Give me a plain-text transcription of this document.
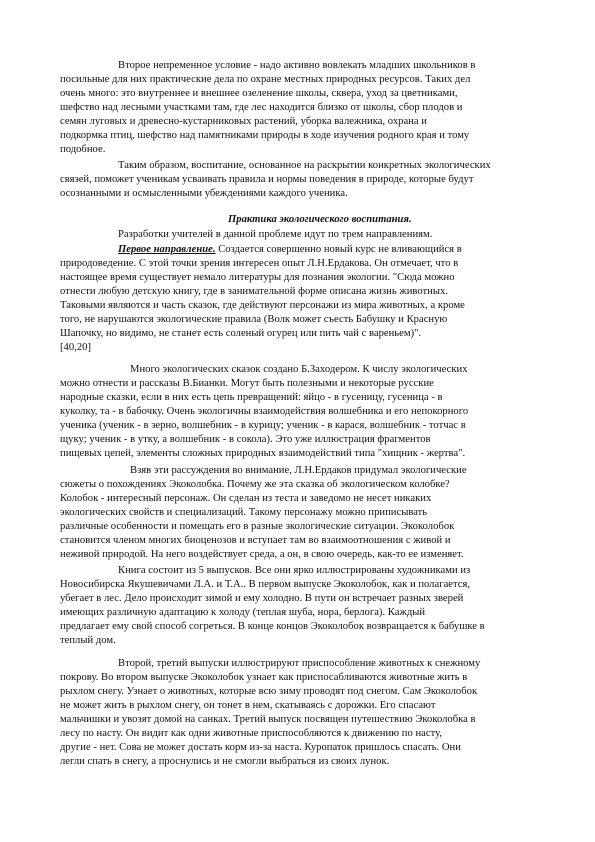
Второе непременное условие - надо активно вовлекать младших школьников в
посильные для них практические дела по охране местных природных ресурсов. Таких дел
очень много: это внутреннее и внешнее озеленение школы, сквера, уход за цветниками,
шефство над лесными участками там, где лес находится близко от школы, сбор плодов и
семян луговых и древесно-кустарниковых растений, уборка валежника, охрана и
подкормка птиц, шефство над памятниками природы в ходе изучения родного края и тому
подобное.
Таким образом, воспитание, основанное на раскрытии конкретных экологических
связей, поможет ученикам усваивать правила и нормы поведения в природе, которые будут
осознанными и осмысленными убеждениями каждого ученика.
Практика экологического воспитания.
Разработки учителей в данной проблеме идут по трем направлениям.
Первое направление. Создается совершенно новый курс не вливающийся в
природоведение. С этой точки зрения интересен опыт Л.Н.Ердакова. Он отмечает, что в
настоящее время существует немало литературы для познания экологии. "Сюда можно
отнести любую детскую книгу, где в занимательной форме описана жизнь животных.
Таковыми являются и часть сказок, где действуют персонажи из мира животных, а кроме
того, не нарушаются экологические правила (Волк может съесть Бабушку и Красную
Шапочку, но видимо, не станет есть соленый огурец или пить чай с вареньем)".
[40,20]
Много экологических сказок создано Б.Заходером. К числу экологических
можно отнести и рассказы В.Бианки. Могут быть полезными и некоторые русские
народные сказки, если в них есть цепь превращений: яйцо - в гусеницу, гусеница - в
куколку, та - в бабочку. Очень экологичны взаимодействия волшебника и его непокорного
ученика (ученик - в зерно, волшебник - в курицу; ученик - в карася, волшебник - тотчас в
щуку; ученик - в утку, а волшебник - в сокола). Это уже иллюстрация фрагментов
пищевых цепей, элементы сложных природных взаимодействий типа "хищник - жертва".
Взяв эти рассуждения во внимание, Л.Н.Ердаков придумал экологические
сюжеты о похождениях Экоколобка. Почему же эта сказка об экологическом колобке?
Колобок - интересный персонаж. Он сделан из теста и заведомо не несет никаких
экологических свойств и специализаций. Такому персонажу можно приписывать
различные особенности и помещать его в разные экологические ситуации. Экоколобок
становится членом многих биоценозов и вступает там во взаимоотношения с живой и
неживой природой. На него воздействует среда, а он, в свою очередь, как-то ее изменяет.
Книга состоит из 5 выпусков. Все они ярко иллюстрированы художниками из
Новосибирска Якушевичами Л.А. и Т.А.. В первом выпуске Экоколобок, как и полагается,
убегает в лес. Дело происходит зимой и ему холодно. В пути он встречает разных зверей
имеющих различную адаптацию к холоду (теплая шуба, нора, берлога). Каждый
предлагает ему свой способ согреться. В конце концов Экоколобок возвращается к бабушке в
теплый дом.
Второй, третий выпуски иллюстрируют приспособление животных к снежному
покрову. Во втором выпуске Экоколобок узнает как приспосабливаются животные жить в
рыхлом снегу. Узнает о животных, которые всю зиму проводят под снегом. Сам Экоколобок
не может жить в рыхлом снегу, он тонет в нем, скатываясь с дорожки. Его спасают
мальчишки и увозят домой на санках. Третий выпуск посвящен путешествию Экоколобка в
лесу по насту. Он видит как одни животные приспособляются к движению по насту,
другие - нет. Сова не может достать корм из-за наста. Куропаток пришлось спасать. Они
легли спать в снегу, а проснулись и не смогли выбраться из своих лунок.
